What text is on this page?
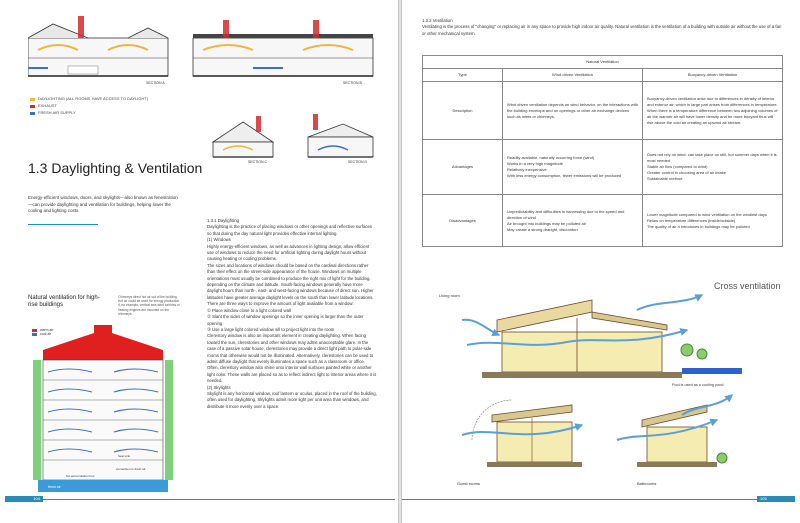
SECTION A	SECTION B
DAYLIGHTING (ALL ROOMS HAVE ACCESS TO DAYLIGHT)
EXHAUST
FRESH AIR SUPPLY
SECTION C	SECTION D
1.3 Daylighting & Ventilation
Energy-efficient windows, doors, and skylights—also known as fenestration—can provide daylighting and ventilation for buildings, helping lower the cooling and lighting costs.

1.3.1 Daylighting

Daylighting is the practice of placing windows or other openings and reflective surfaces so that during the day natural light provides effective internal lighting.

(1) Windows

Highly energy-efficient windows, as well as advances in lighting design, allow efficient use of windows to reduce the need for artificial lighting during daylight hours without causing heating or cooling problems.

The sizes and locations of windows should be based on the cardinal directions rather than their effect on the street-side appearance of the house. Windows on multiple orientations must usually be combined to produce the right mix of light for the building, depending on the climate and latitude. South-facing windows generally have more daylight hours than north-, east- and west-facing windows because of direct sun. Higher latitudes have greater average daylight levels on the south than lower latitude locations.

There are three ways to improve the amount of light available from a window:

① Place window close to a light colored wall

② Slant the sides of window openings so the inner opening is larger than the outer opening

③ Use a large light colored window sill to project light into the room

Clerestory window is also an important element in creating daylighting. When facing toward the sun, clerestories and other windows may admit unacceptable glare. In the case of a passive solar house, clerestories may provide a direct light path to polar-side rooms that otherwise would not be illuminated. Alternatively, clerestories can be used to admit diffuse daylight that evenly illuminates a space such as a classroom or office.

Often, clerestory window also shine onto interior wall surfaces painted white or another light color. These walls are placed so as to reflect indirect light to interior areas where it is needed.

(2) Skylights

Skylight is any horizontal window, roof lantern or oculus, placed in the roof of the building, often used for daylighting. Skylights admit more light per unit area than windows, and distribute it more evenly over a space.

Natural ventilation for high-rise buildings
Chimneys direct hot air out of the building. Hot air could be used for energy production if, for example, vertical axis wind turbines or heating engines are mounted on the chimneys.
warm air
cool air
fresh air
hot accumulation box
heat sink
connection to fresh air
104
1.3.2 Ventilation
Ventilating is the process of "changing" or replacing air in any space to provide high indoor air quality. Natural ventilation is the ventilation of a building with outside air without the use of a fan or other mechanical system.
Natural Ventilation		
Type	Wind-driven Ventilation	Buoyancy-driven Ventilation
Description	Wind driven ventilation depends on wind behavior, on the interactions with the building envelope and on openings or other air exchange devices such as inlets or chimneys.	Buoyancy-driven ventilation arise due to differences in density of interior and exterior air, which in large part arises from differences in temperature. When there is a temperature difference between two adjoining volumes of air the warmer air will have lower density and be more buoyant thus will rise above the cold air creating an upward air stream.
Advantages	Readily available, naturally occurring force (wind)
Works in a very high magnitude
Relatively inexpensive
With less energy consumption, fewer emissions will be produced	Does not rely on wind: can take place on still, hot summer days when it is most needed
Stable air flow (compared to wind)
Greater control in choosing area of air intake
Sustainable method
Disadvantages	Unpredictability and difficulties in harnessing due to the speed and direction of wind
Air brought into buildings may be polluted air
May create a strong draught, discomfort	Lower magnitude compared to wind ventilation on the windiest days
Relies on temperature differences (inside/outside)
The quality of air it introduces in buildings may be polluted
Cross ventilation
Living room
Pool is used as a cooling pond
Guest rooms	Bathrooms
105
